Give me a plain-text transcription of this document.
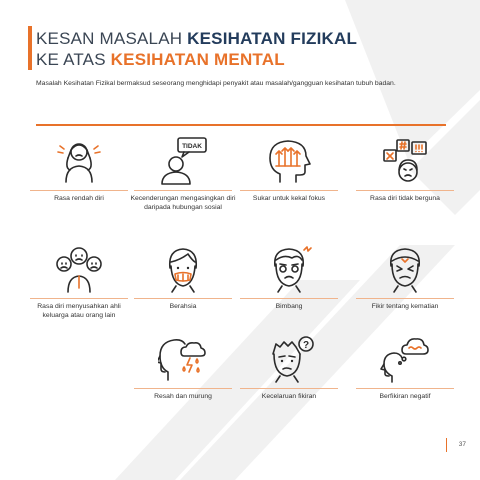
KESAN MASALAH KESIHATAN FIZIKAL
KE ATAS KESIHATAN MENTAL
Masalah Kesihatan Fizikal bermaksud seseorang menghidapi penyakit atau masalah/gangguan kesihatan tubuh badan.
Rasa rendah diri
TIDAK
Kecenderungan mengasingkan diri daripada hubungan sosial
Sukar untuk kekal fokus	Rasa diri tidak berguna
Rasa diri menyusahkan ahli keluarga atau orang lain
Berahsia	Bimbang	Fikir tentang kematian
Resah dan murung
?
Kecelaruan fikiran	Berfikiran negatif
37
